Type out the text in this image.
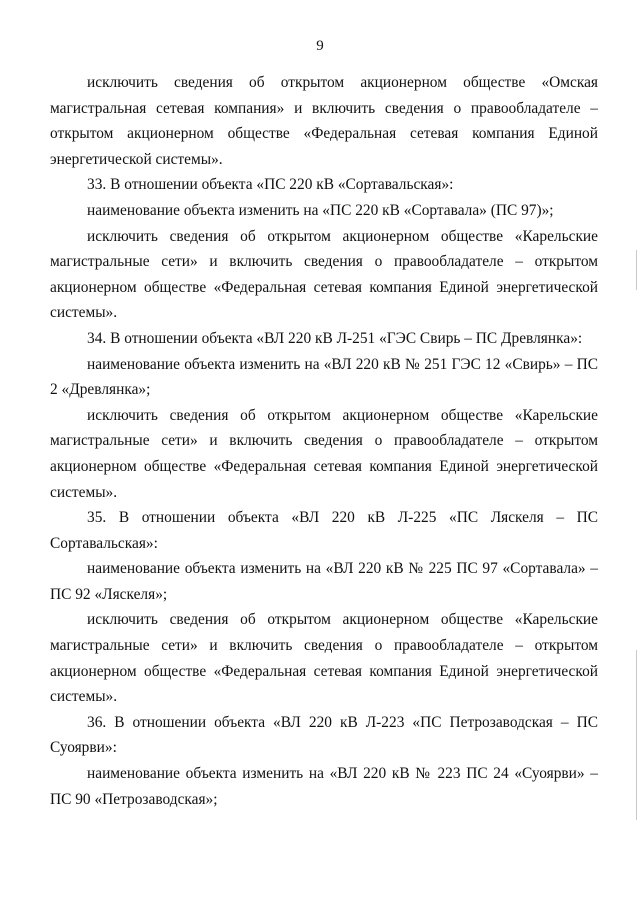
9

исключить сведения об открытом акционерном обществе «Омская магистральная сетевая компания» и включить сведения о правообладателе – открытом акционерном обществе «Федеральная сетевая компания Единой энергетической системы».

33. В отношении объекта «ПС 220 кВ «Сортавальская»:

наименование объекта изменить на «ПС 220 кВ «Сортавала» (ПС 97)»;

исключить сведения об открытом акционерном обществе «Карельские магистральные сети» и включить сведения о правообладателе – открытом акционерном обществе «Федеральная сетевая компания Единой энергетической системы».

34. В отношении объекта «ВЛ 220 кВ Л-251 «ГЭС Свирь – ПС Древлянка»:

наименование объекта изменить на «ВЛ 220 кВ № 251 ГЭС 12 «Свирь» – ПС 2 «Древлянка»;

исключить сведения об открытом акционерном обществе «Карельские магистральные сети» и включить сведения о правообладателе – открытом акционерном обществе «Федеральная сетевая компания Единой энергетической системы».

35. В отношении объекта «ВЛ 220 кВ Л-225 «ПС Ляскеля – ПС Сортавальская»:

наименование объекта изменить на «ВЛ 220 кВ № 225 ПС 97 «Сортавала» – ПС 92 «Ляскеля»;

исключить сведения об открытом акционерном обществе «Карельские магистральные сети» и включить сведения о правообладателе – открытом акционерном обществе «Федеральная сетевая компания Единой энергетической системы».

36. В отношении объекта «ВЛ 220 кВ Л-223 «ПС Петрозаводская – ПС Суоярви»:

наименование объекта изменить на «ВЛ 220 кВ № 223 ПС 24 «Суоярви» – ПС 90 «Петрозаводская»;
